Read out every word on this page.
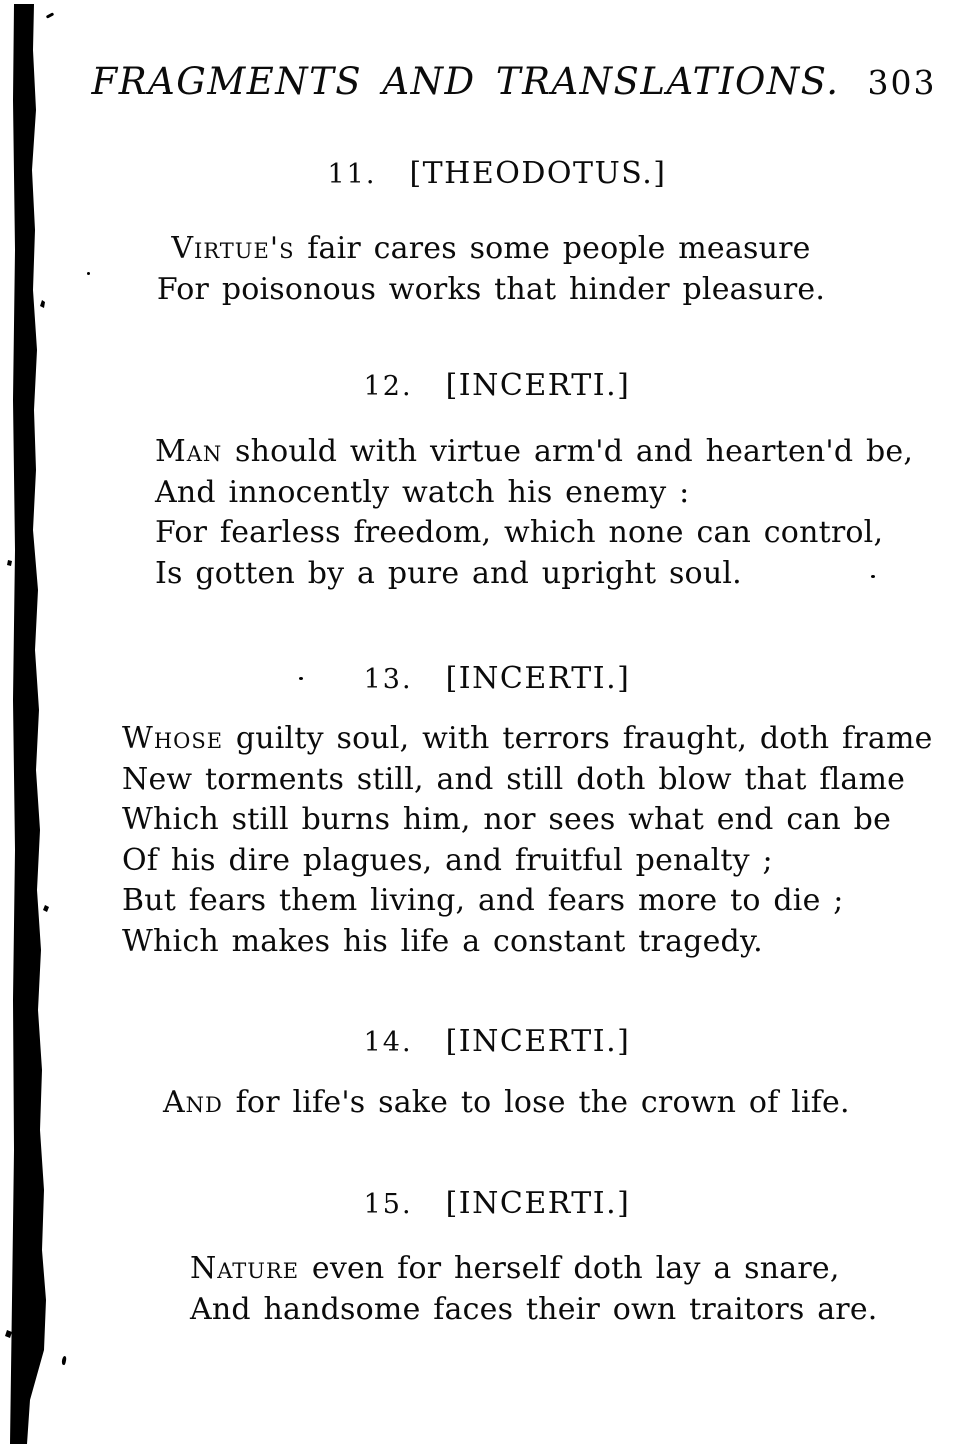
FRAGMENTS AND TRANSLATIONS. 303
11. [THEODOTUS.]
Virtue's fair cares some people measure
For poisonous works that hinder pleasure.
12. [INCERTI.]
Man should with virtue arm'd and hearten'd be,
And innocently watch his enemy :
For fearless freedom, which none can control,
Is gotten by a pure and upright soul.
13. [INCERTI.]
Whose guilty soul, with terrors fraught, doth frame
New torments still, and still doth blow that flame
Which still burns him, nor sees what end can be
Of his dire plagues, and fruitful penalty ;
But fears them living, and fears more to die ;
Which makes his life a constant tragedy.
14. [INCERTI.]
And for life's sake to lose the crown of life.
15. [INCERTI.]
Nature even for herself doth lay a snare,
And handsome faces their own traitors are.
